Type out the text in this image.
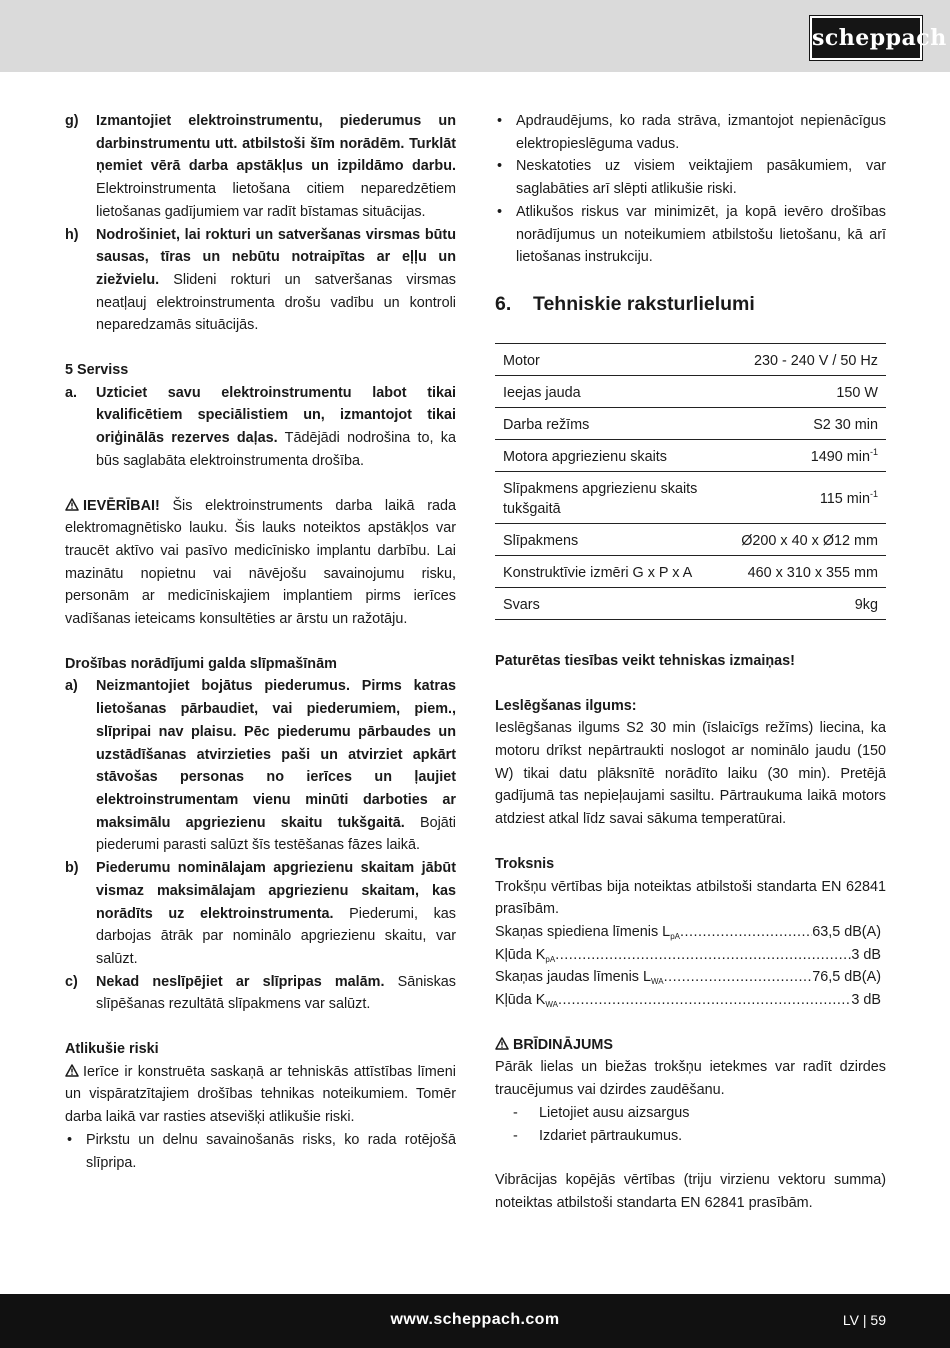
scheppach
g)	Izmantojiet elektroinstrumentu, piederumus un darbinstrumentu utt. atbilstoši šīm norādēm. Turklāt ņemiet vērā darba apstākļus un izpildāmo darbu. Elektroinstrumenta lietošana citiem neparedzētiem lietošanas gadījumiem var radīt bīstamas situācijas.
h)	Nodrošiniet, lai rokturi un satveršanas virsmas būtu sausas, tīras un nebūtu notraipītas ar eļļu un ziežvielu. Slideni rokturi un satveršanas virsmas neatļauj elektroinstrumenta drošu vadību un kontroli neparedzamās situācijās.

5 Serviss

a.	Uzticiet savu elektroinstrumentu labot tikai kvalificētiem speciālistiem un, izmantojot tikai oriģinālās rezerves daļas. Tādējādi nodrošina to, ka būs saglabāta elektroinstrumenta drošība.

IEVĒRĪBAI! Šis elektroinstruments darba laikā rada elektromagnētisko lauku. Šis lauks noteiktos apstākļos var traucēt aktīvo vai pasīvo medicīnisko implantu darbību. Lai mazinātu nopietnu vai nāvējošu savainojumu risku, personām ar medicīniskajiem implantiem pirms ierīces vadīšanas ieteicams konsultēties ar ārstu un ražotāju.

Drošības norādījumi galda slīpmašīnām

a)	Neizmantojiet bojātus piederumus. Pirms katras lietošanas pārbaudiet, vai piederumiem, piem., slīpripai nav plaisu. Pēc piederumu pārbaudes un uzstādīšanas atvirzieties paši un atvirziet apkārt stāvošas personas no ierīces un ļaujiet elektroinstrumentam vienu minūti darboties ar maksimālu apgriezienu skaitu tukšgaitā. Bojāti piederumi parasti salūzt šīs testēšanas fāzes laikā.
b)	Piederumu nominālajam apgriezienu skaitam jābūt vismaz maksimālajam apgriezienu skaitam, kas norādīts uz elektroinstrumenta. Piederumi, kas darbojas ātrāk par nominālo apgriezienu skaitu, var salūzt.
c)	Nekad neslīpējiet ar slīpripas malām. Sāniskas slīpēšanas rezultātā slīpakmens var salūzt.

Atlikušie riski

Ierīce ir konstruēta saskaņā ar tehniskās attīstības līmeni un vispāratzītajiem drošības tehnikas noteikumiem. Tomēr darba laikā var rasties atsevišķi atlikušie riski.

• Pirkstu un delnu savainošanās risks, ko rada rotējošā slīpripa.
• Apdraudējums, ko rada strāva, izmantojot nepienācīgus elektropieslēguma vadus.
• Neskatoties uz visiem veiktajiem pasākumiem, var saglabāties arī slēpti atlikušie riski.
• Atlikušos riskus var minimizēt, ja kopā ievēro drošības norādījumus un noteikumiem atbilstošu lietošanu, kā arī lietošanas instrukciju.
6. Tehniskie raksturlielumi
Motor	230 - 240 V / 50 Hz
Ieejas jauda	150 W
Darba režīms	S2 30 min
Motora apgriezienu skaits	1490 $\min^{-1}$
Slīpakmens apgriezienu skaits tukšgaitā	115 $\min^{-1}$
Slīpakmens	Ø200 x 40 x Ø12 mm
Konstruktīvie izmēri G x P x A	460 x 310 x 355 mm
Svars	9kg

Paturētas tiesības veikt tehniskas izmaiņas!

Leslēgšanas ilgums:

Ieslēgšanas ilgums S2 30 min (īslaicīgs režīms) liecina, ka motoru drīkst nepārtraukti noslogot ar nominālo jaudu (150 W) tikai datu plāksnītē norādīto laiku (30 min). Pretējā gadījumā tas nepieļaujami sasiltu. Pārtraukuma laikā motors atdziest atkal līdz savai sākuma temperatūrai.

Troksnis

Trokšņu vērtības bija noteiktas atbilstoši standarta EN 62841 prasībām.

Skaņas spiediena līmenis $L_{pA}$ .....	63,5 dB(A)
Kļūda $K_{pA}$ .....	3 dB
Skaņas jaudas līmenis $L_{WA}$ .....	76,5 dB(A)
Kļūda $K_{WA}$ .....	3 dB

BRĪDINĀJUMS

Pārāk lielas un biežas trokšņu ietekmes var radīt dzirdes traucējumus vai dzirdes zaudēšanu.

-	Lietojiet ausu aizsargus
-	Izdariet pārtraukumus.

Vibrācijas kopējās vērtības (triju virzienu vektoru summa) noteiktas atbilstoši standarta EN 62841 prasībām.

www.scheppach.com	LV | 59
